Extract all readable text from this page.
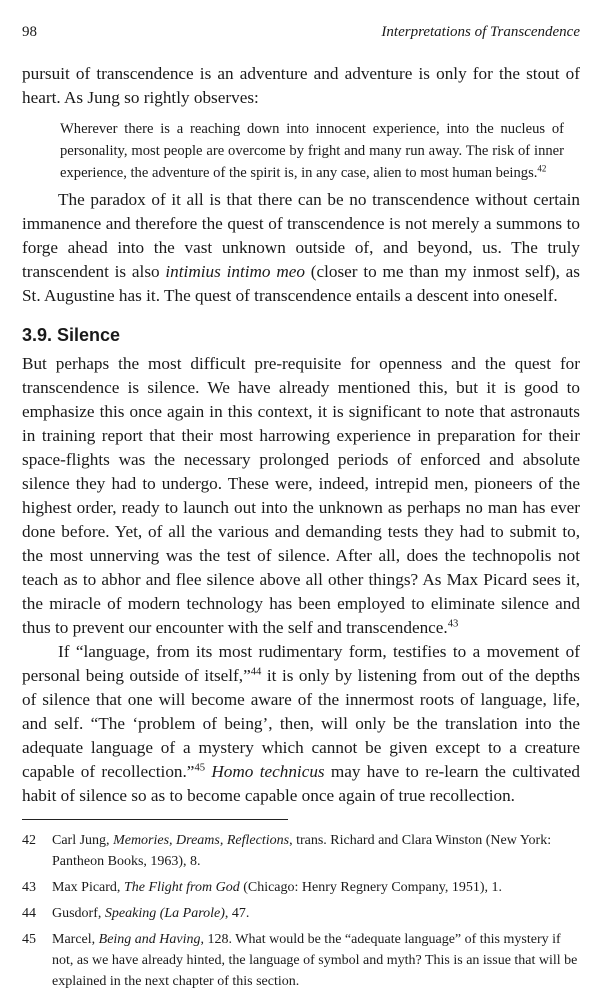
98	Interpretations of Transcendence

pursuit of transcendence is an adventure and adventure is only for the stout of heart. As Jung so rightly observes:

Wherever there is a reaching down into innocent experience, into the nucleus of personality, most people are overcome by fright and many run away. The risk of inner experience, the adventure of the spirit is, in any case, alien to most human beings.$^{42}$

The paradox of it all is that there can be no transcendence without certain immanence and therefore the quest of transcendence is not merely a summons to forge ahead into the vast unknown outside of, and beyond, us. The truly transcendent is also intimius intimo meo (closer to me than my inmost self), as St. Augustine has it. The quest of transcendence entails a descent into oneself.

3.9. Silence

But perhaps the most difficult pre-requisite for openness and the quest for transcendence is silence. We have already mentioned this, but it is good to emphasize this once again in this context, it is significant to note that astronauts in training report that their most harrowing experience in preparation for their space-flights was the necessary prolonged periods of enforced and absolute silence they had to undergo. These were, indeed, intrepid men, pioneers of the highest order, ready to launch out into the unknown as perhaps no man has ever done before. Yet, of all the various and demanding tests they had to submit to, the most unnerving was the test of silence. After all, does the technopolis not teach as to abhor and flee silence above all other things? As Max Picard sees it, the miracle of modern technology has been employed to eliminate silence and thus to prevent our encounter with the self and transcendence.$^{43}$

If “language, from its most rudimentary form, testifies to a movement of personal being outside of itself,”$^{44}$ it is only by listening from out of the depths of silence that one will become aware of the innermost roots of language, life, and self. “The ‘problem of being’, then, will only be the translation into the adequate language of a mystery which cannot be given except to a creature capable of recollection.”$^{45}$ Homo technicus may have to re-learn the cultivated habit of silence so as to become capable once again of true recollection.

42 Carl Jung, Memories, Dreams, Reflections, trans. Richard and Clara Winston (New York: Pantheon Books, 1963), 8.
43 Max Picard, The Flight from God (Chicago: Henry Regnery Company, 1951), 1.
44 Gusdorf, Speaking (La Parole), 47.
45 Marcel, Being and Having, 128. What would be the “adequate language” of this mystery if not, as we have already hinted, the language of symbol and myth? This is an issue that will be explained in the next chapter of this section.
